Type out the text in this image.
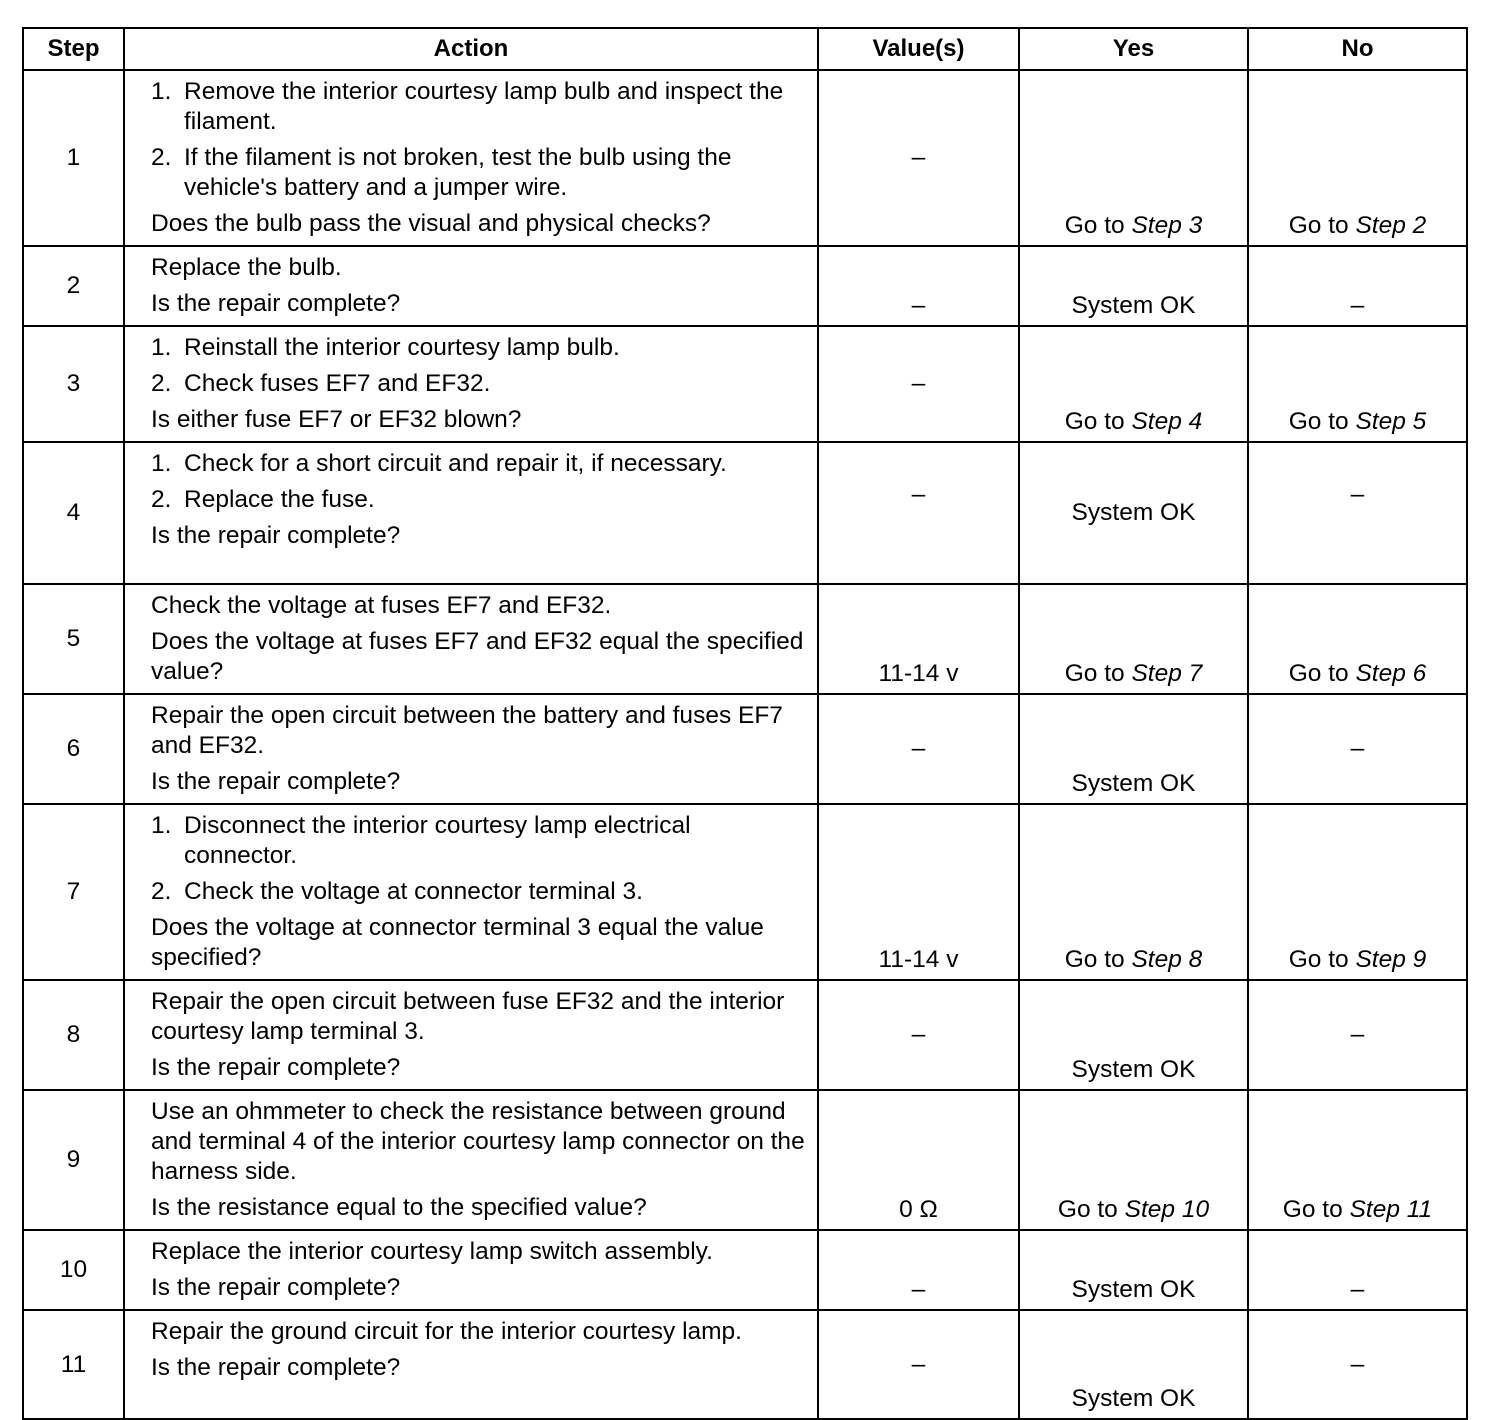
Step	Action	Value(s)	Yes	No
1	1. Remove the interior courtesy lamp bulb and inspect the filament.
2. If the filament is not broken, test the bulb using the vehicle's battery and a jumper wire.

Does the bulb pass the visual and physical checks?	–	Go to Step 3	Go to Step 2

2	Replace the bulb.

Is the repair complete?	–	System OK	–

3	1. Reinstall the interior courtesy lamp bulb.
2. Check fuses EF7 and EF32.

Is either fuse EF7 or EF32 blown?	–	Go to Step 4	Go to Step 5

4	1. Check for a short circuit and repair it, if necessary.
2. Replace the fuse.

Is the repair complete?	–	System OK	–

5	Check the voltage at fuses EF7 and EF32.

Does the voltage at fuses EF7 and EF32 equal the specified value?	11-14 v	Go to Step 7	Go to Step 6

6	Repair the open circuit between the battery and fuses EF7 and EF32.

Is the repair complete?	–	System OK	–

7	1. Disconnect the interior courtesy lamp electrical connector.
2. Check the voltage at connector terminal 3.

Does the voltage at connector terminal 3 equal the value specified?	11-14 v	Go to Step 8	Go to Step 9

8	Repair the open circuit between fuse EF32 and the interior courtesy lamp terminal 3.

Is the repair complete?	–	System OK	–

9	Use an ohmmeter to check the resistance between ground and terminal 4 of the interior courtesy lamp connector on the harness side.

Is the resistance equal to the specified value?	0 Ω	Go to Step 10	Go to Step 11

10	Replace the interior courtesy lamp switch assembly.

Is the repair complete?	–	System OK	–

11	Repair the ground circuit for the interior courtesy lamp.

Is the repair complete?	–	System OK	–
